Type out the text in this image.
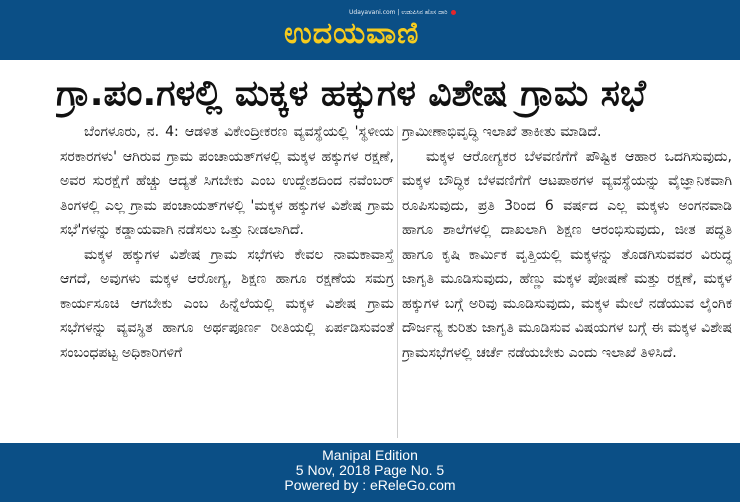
Udayavani.com | ಉಡುಪಿಸಿನ ಹೊಸ ದಾರಿ
ಉದಯವಾಣಿ
ಗ್ರಾ.ಪಂ.ಗಳಲ್ಲಿ ಮಕ್ಕಳ ಹಕ್ಕುಗಳ ವಿಶೇಷ ಗ್ರಾಮ ಸಭೆ

ಬೆಂಗಳೂರು, ನ. 4: ಆಡಳಿತ ವಿಕೇಂದ್ರೀಕರಣ ವ್ಯವಸ್ಥೆಯಲ್ಲಿ 'ಸ್ಥಳೀಯ ಸರಕಾರಗಳು' ಆಗಿರುವ ಗ್ರಾಮ ಪಂಚಾಯತ್‌ಗಳಲ್ಲಿ ಮಕ್ಕಳ ಹಕ್ಕುಗಳ ರಕ್ಷಣೆ, ಅವರ ಸುರಕ್ಷೆಗೆ ಹೆಚ್ಚು ಆದ್ಯತೆ ಸಿಗಬೇಕು ಎಂಬ ಉದ್ದೇಶದಿಂದ ನವೆಂಬರ್ ತಿಂಗಳಲ್ಲಿ ಎಲ್ಲ ಗ್ರಾಮ ಪಂಚಾಯತ್‌ಗಳಲ್ಲಿ 'ಮಕ್ಕಳ ಹಕ್ಕುಗಳ ವಿಶೇಷ ಗ್ರಾಮ ಸಭೆ'ಗಳನ್ನು ಕಡ್ಡಾಯವಾಗಿ ನಡೆಸಲು ಒತ್ತು ನೀಡಲಾಗಿದೆ.

ಮಕ್ಕಳ ಹಕ್ಕುಗಳ ವಿಶೇಷ ಗ್ರಾಮ ಸಭೆಗಳು ಕೇವಲ ನಾಮಕಾವಾಸ್ತೆ ಆಗದೆ, ಅವುಗಳು ಮಕ್ಕಳ ಆರೋಗ್ಯ, ಶಿಕ್ಷಣ ಹಾಗೂ ರಕ್ಷಣೆಯ ಸಮಗ್ರ ಕಾರ್ಯಸೂಚಿ ಆಗಬೇಕು ಎಂಬ ಹಿನ್ನೆಲೆಯಲ್ಲಿ ಮಕ್ಕಳ ವಿಶೇಷ ಗ್ರಾಮ ಸಭೆಗಳನ್ನು ವ್ಯವಸ್ಥಿತ ಹಾಗೂ ಅರ್ಥಪೂರ್ಣ ರೀತಿಯಲ್ಲಿ ಏರ್ಪಡಿಸುವಂತೆ ಸಂಬಂಧಪಟ್ಟ ಅಧಿಕಾರಿಗಳಿಗೆ

ಗ್ರಾಮೀಣಾಭಿವೃದ್ಧಿ ಇಲಾಖೆ ತಾಕೀತು ಮಾಡಿದೆ.

ಮಕ್ಕಳ ಆರೋಗ್ಯಕರ ಬೆಳವಣಿಗೆಗೆ ಪೌಷ್ಟಿಕ ಆಹಾರ ಒದಗಿಸುವುದು, ಮಕ್ಕಳ ಬೌದ್ಧಿಕ ಬೆಳವಣಿಗೆಗೆ ಆಟಪಾಠಗಳ ವ್ಯವಸ್ಥೆಯನ್ನು ವೈಜ್ಞಾನಿಕವಾಗಿ ರೂಪಿಸುವುದು, ಪ್ರತಿ 3ರಿಂದ 6 ವರ್ಷದ ಎಲ್ಲ ಮಕ್ಕಳು ಅಂಗನವಾಡಿ ಹಾಗೂ ಶಾಲೆಗಳಲ್ಲಿ ದಾಖಲಾಗಿ ಶಿಕ್ಷಣ ಆರಂಭಿಸುವುದು, ಜೀತ ಪದ್ಧತಿ ಹಾಗೂ ಕೃಷಿ ಕಾರ್ಮಿಕ ವೃತ್ತಿಯಲ್ಲಿ ಮಕ್ಕಳನ್ನು ತೊಡಗಿಸುವವರ ವಿರುದ್ಧ ಜಾಗೃತಿ ಮೂಡಿಸುವುದು, ಹೆಣ್ಣು ಮಕ್ಕಳ ಪೋಷಣೆ ಮತ್ತು ರಕ್ಷಣೆ, ಮಕ್ಕಳ ಹಕ್ಕುಗಳ ಬಗ್ಗೆ ಅರಿವು ಮೂಡಿಸುವುದು, ಮಕ್ಕಳ ಮೇಲೆ ನಡೆಯುವ ಲೈಂಗಿಕ ದೌರ್ಜನ್ಯ ಕುರಿತು ಜಾಗೃತಿ ಮೂಡಿಸುವ ವಿಷಯಗಳ ಬಗ್ಗೆ ಈ ಮಕ್ಕಳ ವಿಶೇಷ ಗ್ರಾಮಸಭೆಗಳಲ್ಲಿ ಚರ್ಚೆ ನಡೆಯಬೇಕು ಎಂದು ಇಲಾಖೆ ತಿಳಿಸಿದೆ.

Manipal Edition
5 Nov, 2018 Page No. 5
Powered by : eReleGo.com
